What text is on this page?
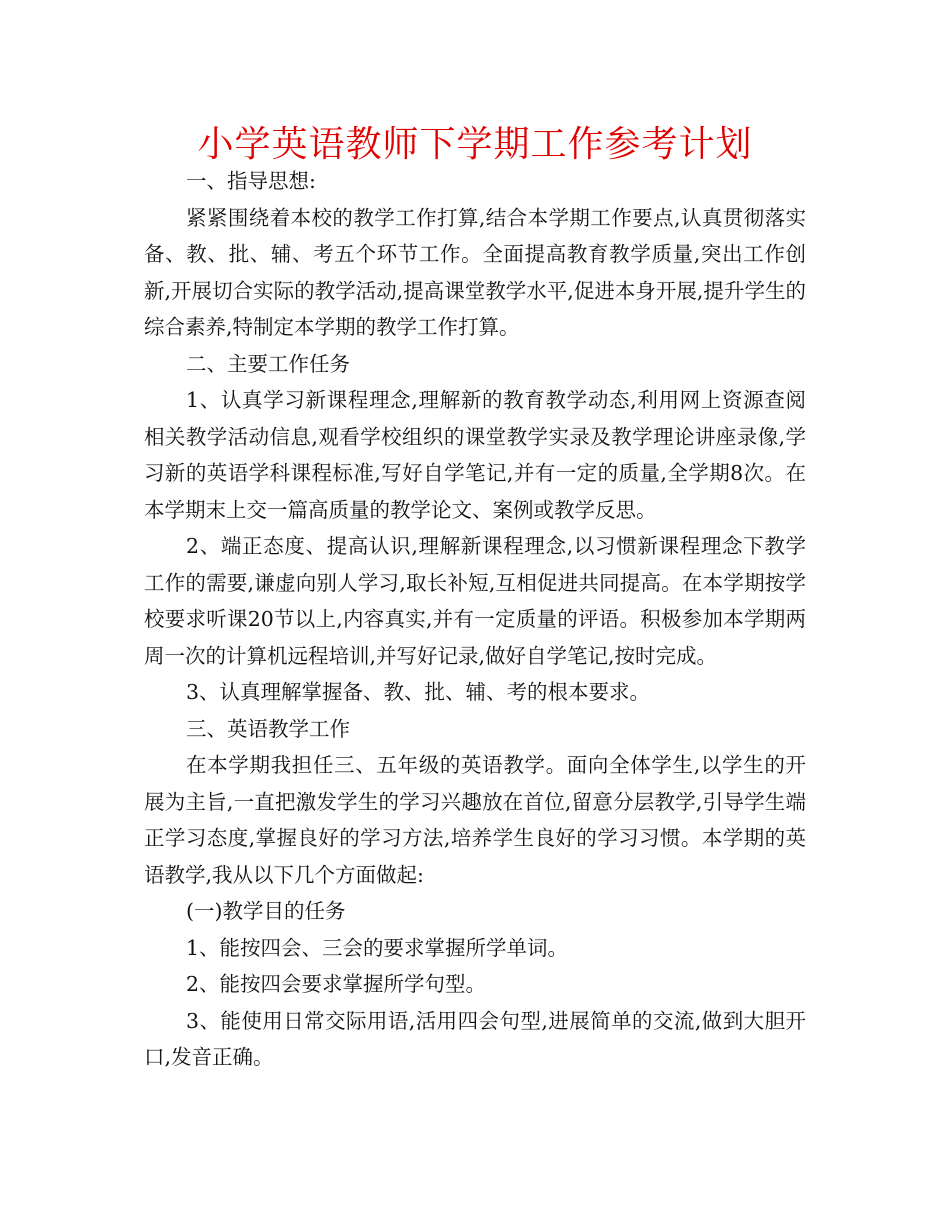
小学英语教师下学期工作参考计划

一、指导思想:

紧紧围绕着本校的教学工作打算,结合本学期工作要点,认真贯彻落实备、教、批、辅、考五个环节工作。全面提高教育教学质量,突出工作创新,开展切合实际的教学活动,提高课堂教学水平,促进本身开展,提升学生的综合素养,特制定本学期的教学工作打算。

二、主要工作任务

1、认真学习新课程理念,理解新的教育教学动态,利用网上资源查阅相关教学活动信息,观看学校组织的课堂教学实录及教学理论讲座录像,学习新的英语学科课程标准,写好自学笔记,并有一定的质量,全学期8次。在本学期末上交一篇高质量的教学论文、案例或教学反思。

2、端正态度、提高认识,理解新课程理念,以习惯新课程理念下教学工作的需要,谦虚向别人学习,取长补短,互相促进共同提高。在本学期按学校要求听课20节以上,内容真实,并有一定质量的评语。积极参加本学期两周一次的计算机远程培训,并写好记录,做好自学笔记,按时完成。

3、认真理解掌握备、教、批、辅、考的根本要求。

三、英语教学工作

在本学期我担任三、五年级的英语教学。面向全体学生,以学生的开展为主旨,一直把激发学生的学习兴趣放在首位,留意分层教学,引导学生端正学习态度,掌握良好的学习方法,培养学生良好的学习习惯。本学期的英语教学,我从以下几个方面做起:

(一)教学目的任务

1、能按四会、三会的要求掌握所学单词。

2、能按四会要求掌握所学句型。

3、能使用日常交际用语,活用四会句型,进展简单的交流,做到大胆开口,发音正确。
